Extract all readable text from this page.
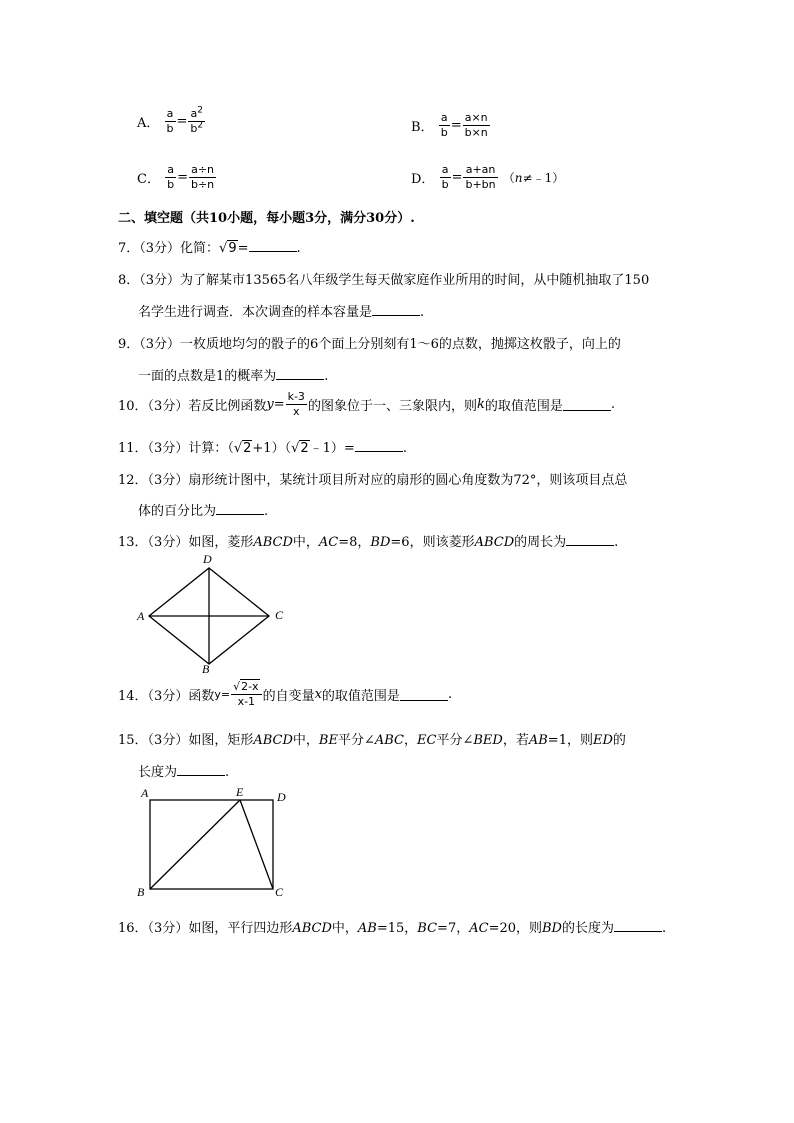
A． $\frac{a}{b} = \frac{a^2}{b^2}$	B． $\frac{a}{b} = \frac{a\times n}{b\times n}$
C． $\frac{a}{b} = \frac{a\div n}{b\div n}$	D． $\frac{a}{b} = \frac{a+an}{b+bn}$ （n≠﹣1）
二、填空题（共10小题，每小题3分，满分30分）.
7．（3分）化简：√9=	.
8．（3分）为了解某市13565名八年级学生每天做家庭作业所用的时间，从中随机抽取了150
名学生进行调查．本次调查的样本容量是	.
9．（3分）一枚质地均匀的骰子的6个面上分别刻有1～6的点数，抛掷这枚骰子，向上的
一面的点数是1的概率为	.
10．（3分）若反比例函数$y= \frac{k-3}{x}$ 的图象位于一、三象限内，则k的取值范围是	.
11．（3分）计算：（√2+1）（√2﹣1）=	.
12．（3分）扇形统计图中，某统计项目所对应的扇形的圆心角度数为72°，则该项目点总
体的百分比为	.
13．（3分）如图，菱形ABCD中，AC=8，BD=6，则该菱形ABCD的周长为	.
D
A	C
B
14．（3分）函数$y= \frac{√2-x}{x-1}$ 的自变量x的取值范围是	.
15．（3分）如图，矩形ABCD中，BE平分∠ABC，EC平分∠BED，若AB=1，则ED的
长度为	.
A	E	D
B	C
16．（3分）如图，平行四边形ABCD中，AB=15，BC=7，AC=20，则BD的长度为	.
